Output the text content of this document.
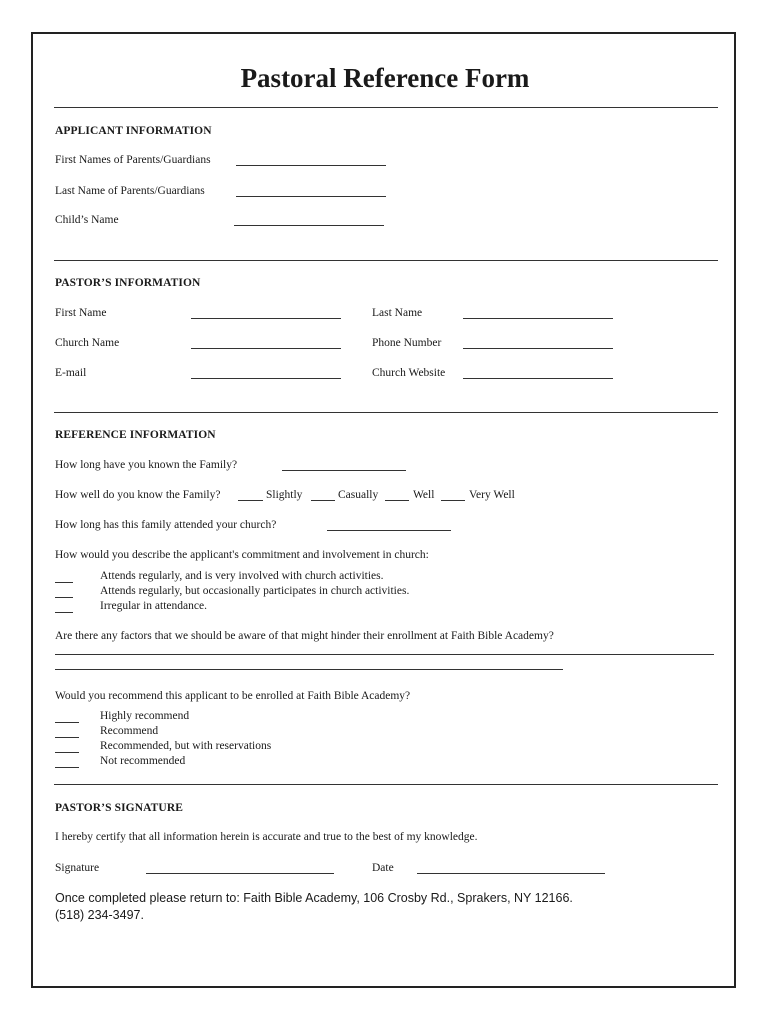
Pastoral Reference Form
APPLICANT INFORMATION
First Names of Parents/Guardians
Last Name of Parents/Guardians
Child’s Name
PASTOR’S INFORMATION
First Name	Last Name
Church Name	Phone Number
E-mail	Church Website
REFERENCE INFORMATION
How long have you known the Family?
How well do you know the Family?	Slightly	Casually	Well	Very Well
How long has this family attended your church?
How would you describe the applicant's commitment and involvement in church:
Attends regularly, and is very involved with church activities.
Attends regularly, but occasionally participates in church activities.
Irregular in attendance.
Are there any factors that we should be aware of that might hinder their enrollment at Faith Bible Academy?
Would you recommend this applicant to be enrolled at Faith Bible Academy?
Highly recommend
Recommend
Recommended, but with reservations
Not recommended
PASTOR’S SIGNATURE
I hereby certify that all information herein is accurate and true to the best of my knowledge.
Signature	Date
Once completed please return to: Faith Bible Academy, 106 Crosby Rd., Sprakers, NY 12166.
(518) 234-3497.
